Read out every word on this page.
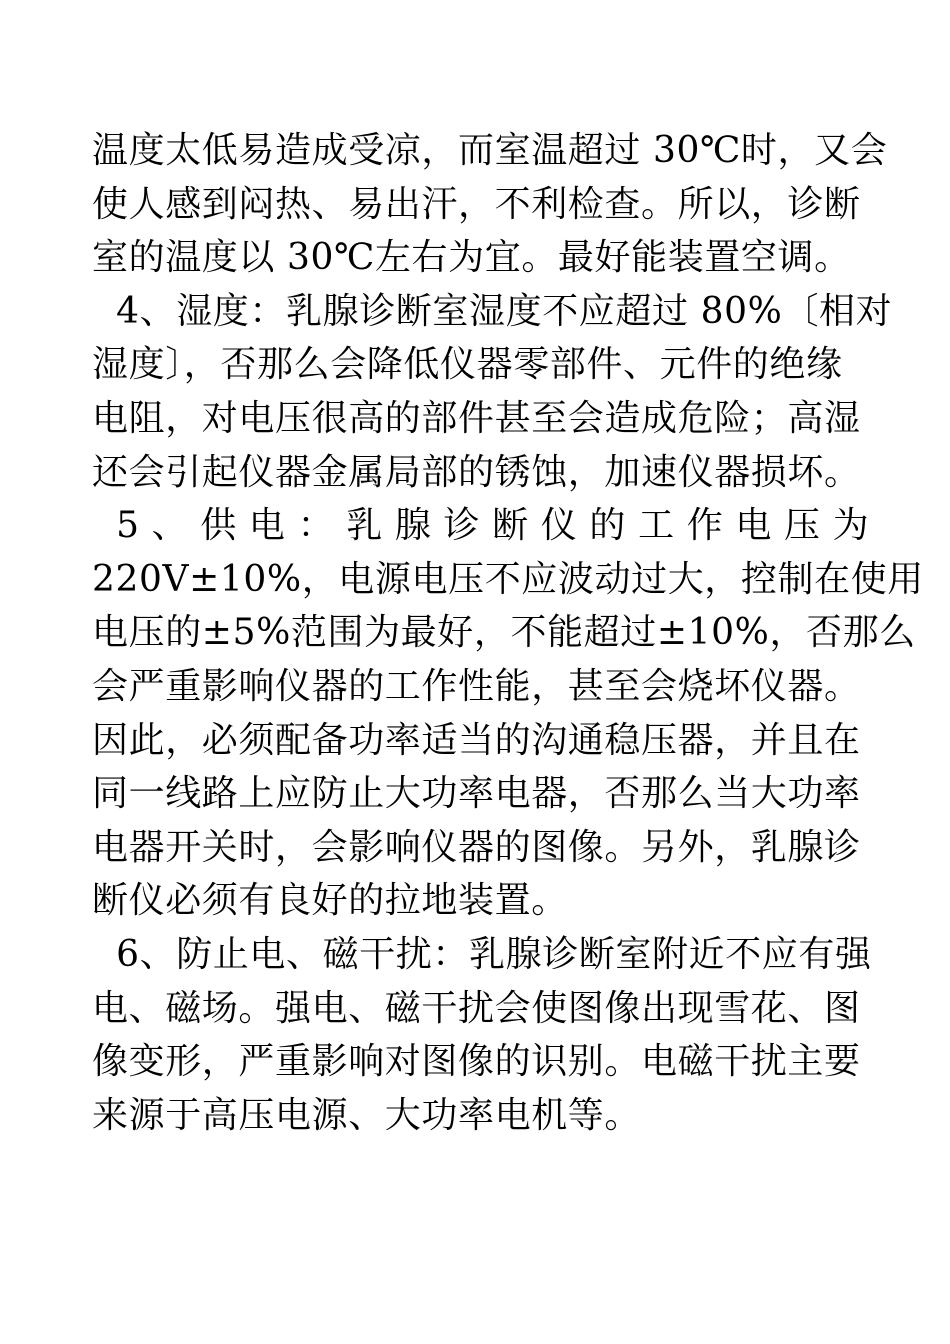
温度太低易造成受凉，而室温超过 30℃时，又会
使人感到闷热、易出汗，不利检查。所以，诊断
室的温度以 30℃左右为宜。最好能装置空调。
4、湿度：乳腺诊断室湿度不应超过 80%〔相对
湿度〕，否那么会降低仪器零部件、元件的绝缘
电阻，对电压很高的部件甚至会造成危险；高湿
还会引起仪器金属局部的锈蚀，加速仪器损坏。
5 、 供 电 ： 乳 腺 诊 断 仪 的 工 作 电 压 为
220V±10%，电源电压不应波动过大，控制在使用
电压的±5%范围为最好，不能超过±10%，否那么
会严重影响仪器的工作性能，甚至会烧坏仪器。
因此，必须配备功率适当的沟通稳压器，并且在
同一线路上应防止大功率电器，否那么当大功率
电器开关时，会影响仪器的图像。另外，乳腺诊
断仪必须有良好的拉地装置。
6、防止电、磁干扰：乳腺诊断室附近不应有强
电、磁场。强电、磁干扰会使图像出现雪花、图
像变形，严重影响对图像的识别。电磁干扰主要
来源于高压电源、大功率电机等。
